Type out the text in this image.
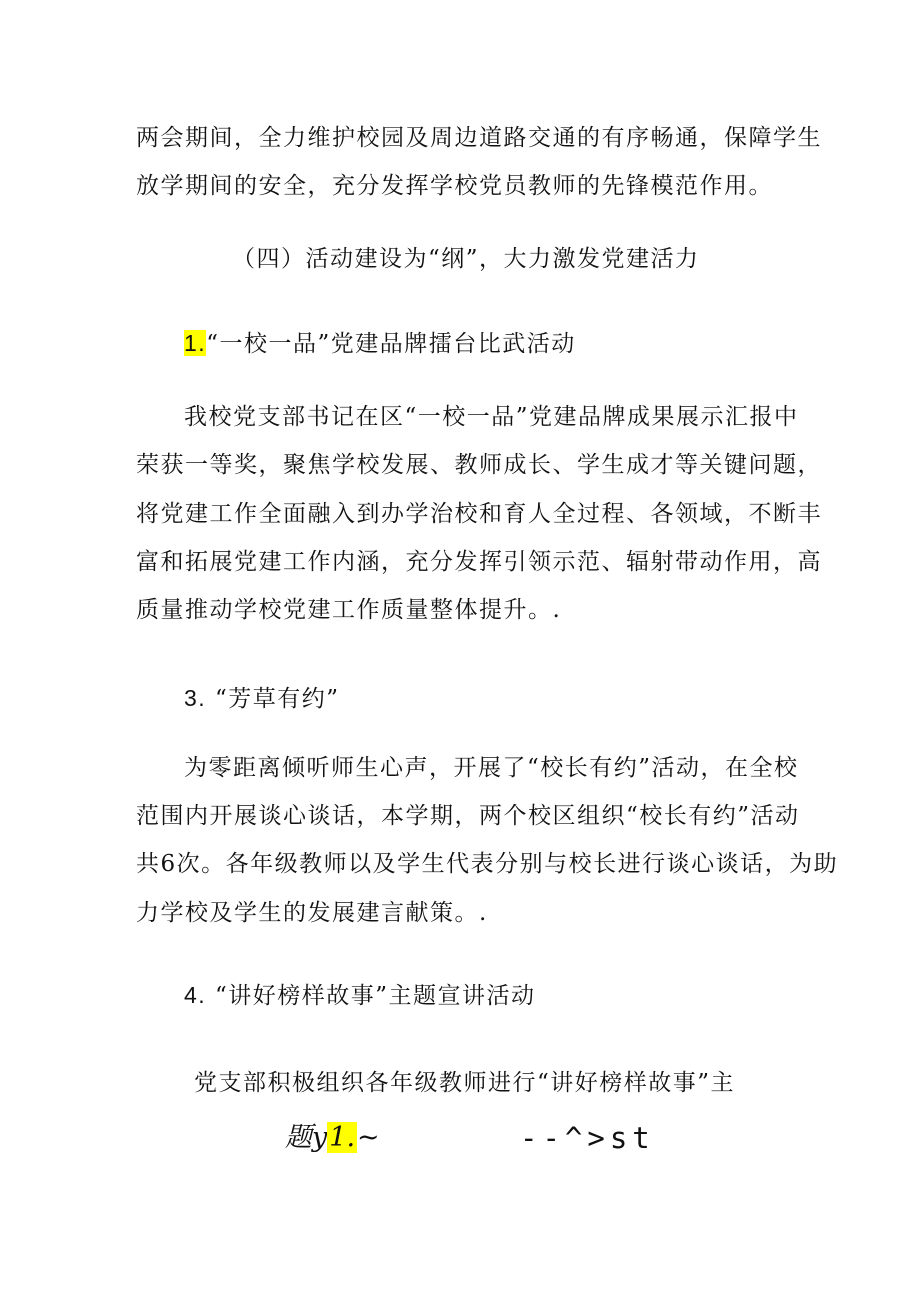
两会期间，全力维护校园及周边道路交通的有序畅通，保障学生
放学期间的安全，充分发挥学校党员教师的先锋模范作用。
（四）活动建设为“纲”，大力激发党建活力
1.“一校一品”党建品牌擂台比武活动
我校党支部书记在区“一校一品”党建品牌成果展示汇报中
荣获一等奖，聚焦学校发展、教师成长、学生成才等关键问题，
将党建工作全面融入到办学治校和育人全过程、各领域，不断丰
富和拓展党建工作内涵，充分发挥引领示范、辐射带动作用，高
质量推动学校党建工作质量整体提升。.
3. “芳草有约”
为零距离倾听师生心声，开展了“校长有约”活动，在全校
范围内开展谈心谈话，本学期，两个校区组织“校长有约”活动
共6次。各年级教师以及学生代表分别与校长进行谈心谈话，为助
力学校及学生的发展建言献策。.
4. “讲好榜样故事”主题宣讲活动
党支部积极组织各年级教师进行“讲好榜样故事”主
题y1.~	--^>st
